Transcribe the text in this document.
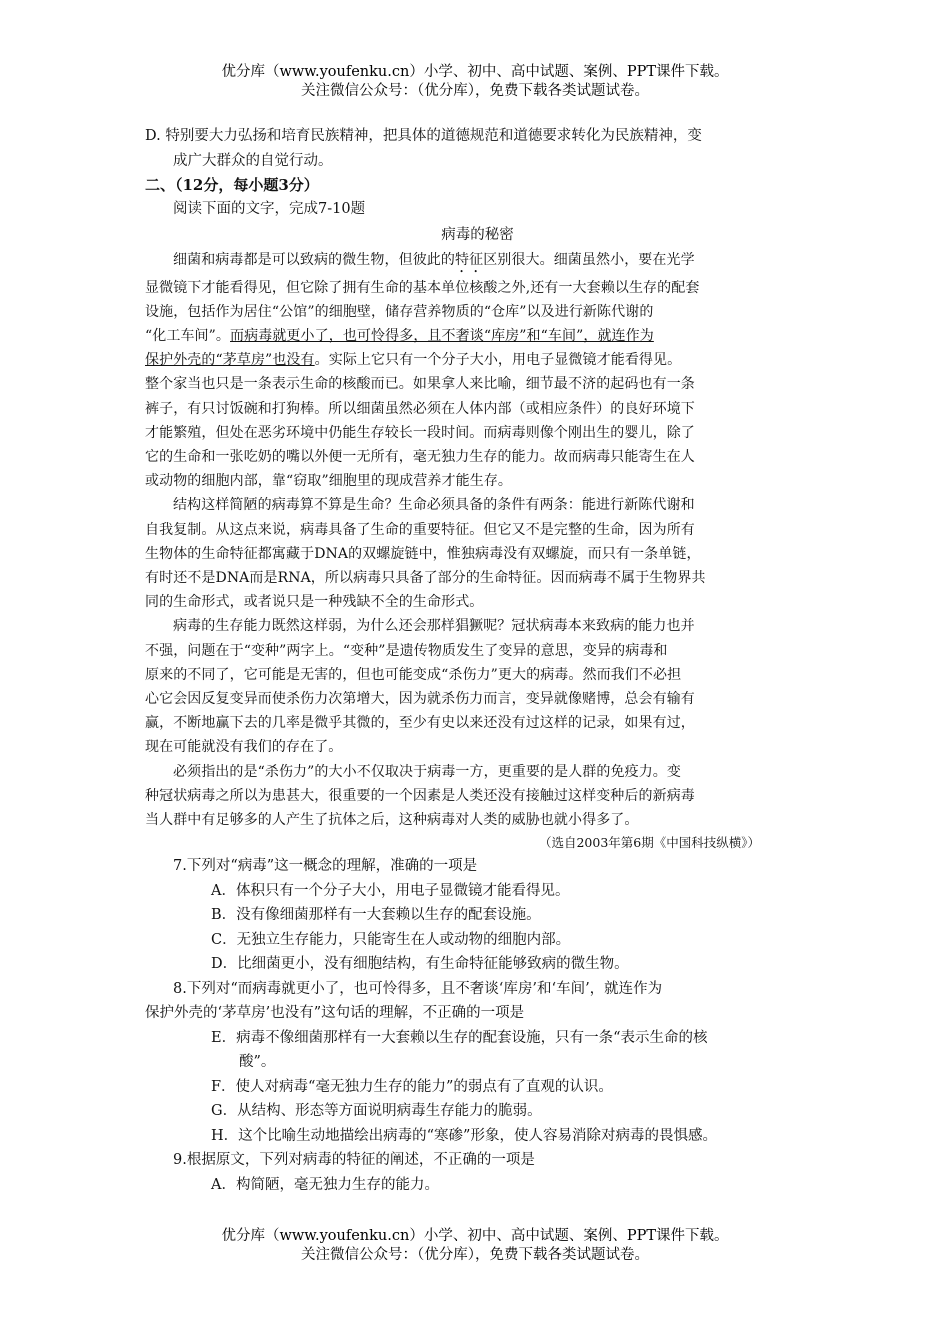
优分库（www.youfenku.cn）小学、初中、高中试题、案例、PPT课件下载。
关注微信公众号：（优分库），免费下载各类试题试卷。
D. 特别要大力弘扬和培育民族精神，把具体的道德规范和道德要求转化为民族精神，变
成广大群众的自觉行动。
二、（12分，每小题3分）
阅读下面的文字，完成7-10题
病毒的秘密
细菌和病毒都是可以致病的微生物，但彼此的特征区别很大。细菌虽然小，要在光学
显微镜下才能看得见，但它除了拥有生命的基本单位核酸之外,还有一大套赖以生存的配套
设施，包括作为居住“公馆”的细胞壁，储存营养物质的“仓库”以及进行新陈代谢的
“化工车间”。而病毒就更小了，也可怜得多，且不奢谈“库房”和“车间”，就连作为
保护外壳的“茅草房”也没有。实际上它只有一个分子大小，用电子显微镜才能看得见。
整个家当也只是一条表示生命的核酸而已。如果拿人来比喻，细节最不济的起码也有一条
裤子，有只讨饭碗和打狗棒。所以细菌虽然必须在人体内部（或相应条件）的良好环境下
才能繁殖，但处在恶劣环境中仍能生存较长一段时间。而病毒则像个刚出生的婴儿，除了
它的生命和一张吃奶的嘴以外便一无所有，毫无独力生存的能力。故而病毒只能寄生在人
或动物的细胞内部，靠“窃取”细胞里的现成营养才能生存。
结构这样简陋的病毒算不算是生命？生命必须具备的条件有两条：能进行新陈代谢和
自我复制。从这点来说，病毒具备了生命的重要特征。但它又不是完整的生命，因为所有
生物体的生命特征都寓藏于DNA的双螺旋链中，惟独病毒没有双螺旋，而只有一条单链，
有时还不是DNA而是RNA，所以病毒只具备了部分的生命特征。因而病毒不属于生物界共
同的生命形式，或者说只是一种残缺不全的生命形式。
病毒的生存能力既然这样弱，为什么还会那样猖獗呢？冠状病毒本来致病的能力也并
不强，问题在于“变种”两字上。“变种”是遗传物质发生了变异的意思，变异的病毒和
原来的不同了，它可能是无害的，但也可能变成“杀伤力”更大的病毒。然而我们不必担
心它会因反复变异而使杀伤力次第增大，因为就杀伤力而言，变异就像赌博，总会有输有
赢，不断地赢下去的几率是微乎其微的，至少有史以来还没有过这样的记录，如果有过，
现在可能就没有我们的存在了。
必须指出的是“杀伤力”的大小不仅取决于病毒一方，更重要的是人群的免疫力。变
种冠状病毒之所以为患甚大，很重要的一个因素是人类还没有接触过这样变种后的新病毒
当人群中有足够多的人产生了抗体之后，这种病毒对人类的威胁也就小得多了。
（选自2003年第6期《中国科技纵横》）
7.下列对“病毒”这一概念的理解，准确的一项是
A．体积只有一个分子大小，用电子显微镜才能看得见。
B．没有像细菌那样有一大套赖以生存的配套设施。
C．无独立生存能力，只能寄生在人或动物的细胞内部。
D．比细菌更小，没有细胞结构，有生命特征能够致病的微生物。
8.下列对“而病毒就更小了，也可怜得多，且不奢谈‘库房’和‘车间’，就连作为
保护外壳的‘茅草房’也没有”这句话的理解，不正确的一项是
E．病毒不像细菌那样有一大套赖以生存的配套设施，只有一条“表示生命的核
酸”。
F．使人对病毒“毫无独力生存的能力”的弱点有了直观的认识。
G．从结构、形态等方面说明病毒生存能力的脆弱。
H．这个比喻生动地描绘出病毒的“寒碜”形象，使人容易消除对病毒的畏惧感。
9.根据原文，下列对病毒的特征的阐述，不正确的一项是
A．构简陋，毫无独力生存的能力。
优分库（www.youfenku.cn）小学、初中、高中试题、案例、PPT课件下载。
关注微信公众号：（优分库），免费下载各类试题试卷。
